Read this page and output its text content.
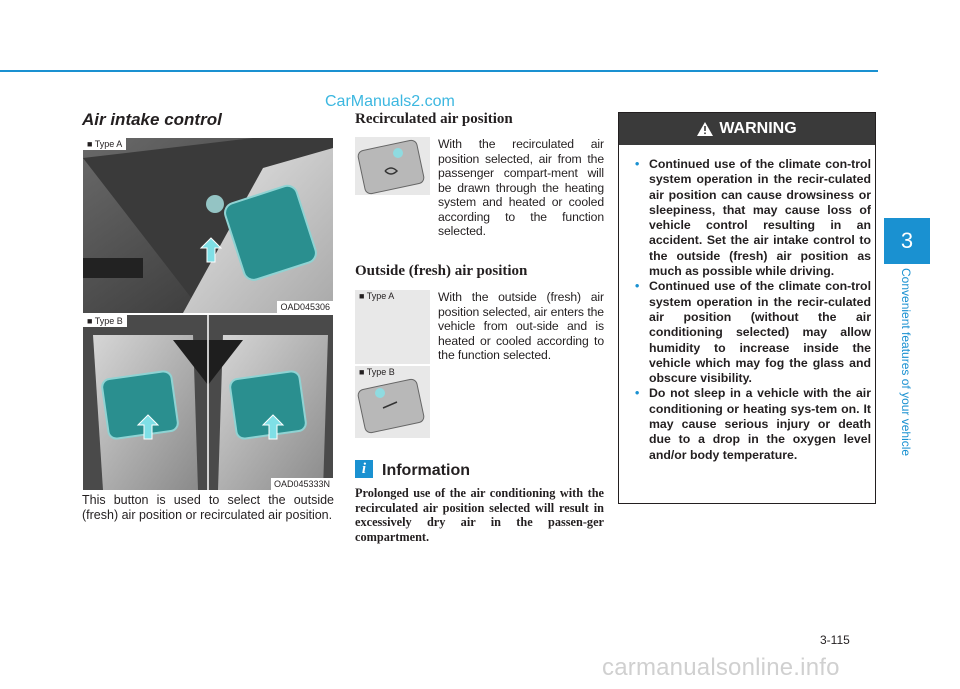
CarManuals2.com
Air intake control
■ Type A
OAD045306
■ Type B
OAD045333N
This button is used to select the outside (fresh) air position or recirculated air position.
Recirculated air position
With the recirculated air position selected, air from the passenger compart-ment will be drawn through the heating system and heated or cooled according to the function selected.
Outside (fresh) air position
■ Type A
■ Type B
With the outside (fresh) air position selected, air enters the vehicle from out-side and is heated or cooled according to the function selected.
i Information
Prolonged use of the air conditioning with the recirculated air position selected will result in excessively dry air in the passen-ger compartment.
WARNING
• Continued use of the climate con-trol system operation in the recir-culated air position can cause drowsiness or sleepiness, that may cause loss of vehicle control resulting in an accident. Set the air intake control to the outside (fresh) air position as much as possible while driving.
• Continued use of the climate con-trol system operation in the recir-culated air position (without the air conditioning selected) may allow humidity to increase inside the vehicle which may fog the glass and obscure visibility.
• Do not sleep in a vehicle with the air conditioning or heating sys-tem on. It may cause serious injury or death due to a drop in the oxygen level and/or body temperature.
3
Convenient features of your vehicle
3-115
carmanualsonline.info
